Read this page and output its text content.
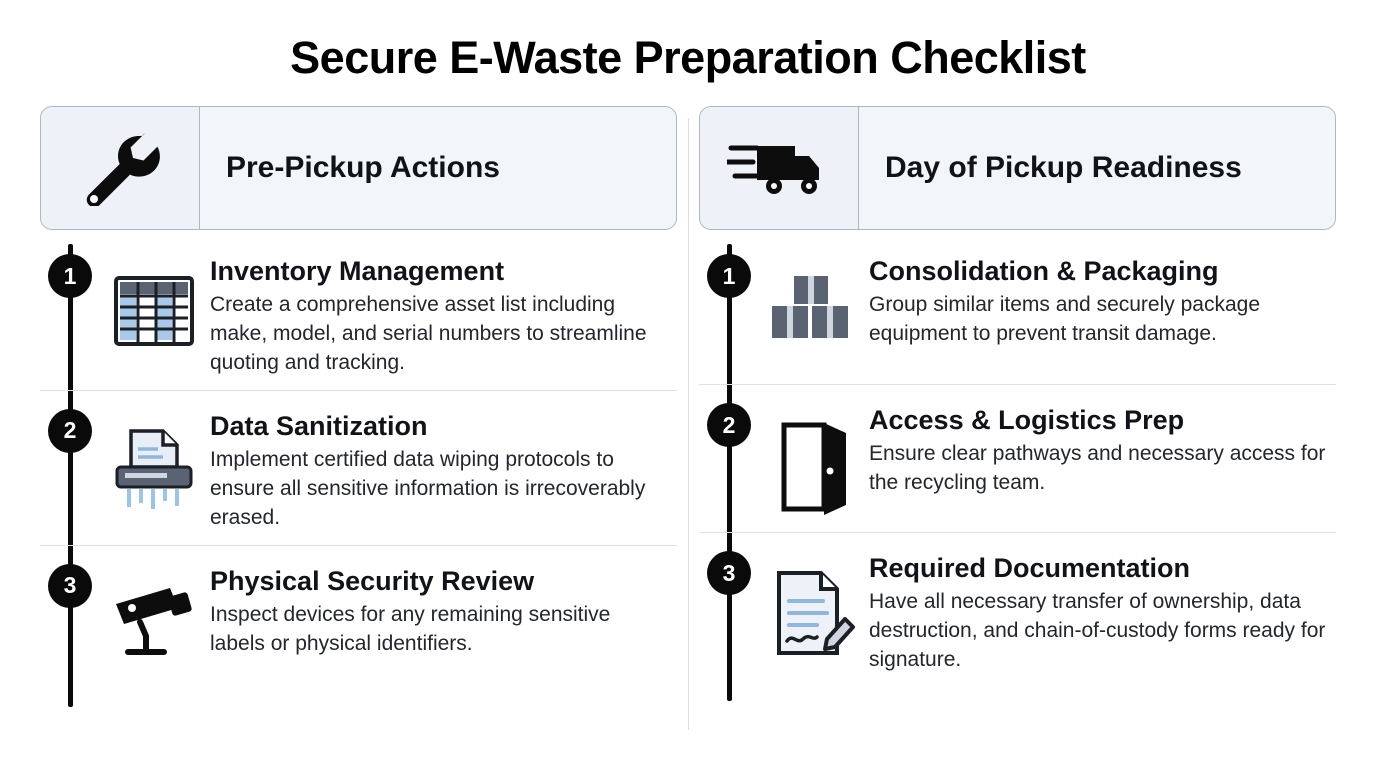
Secure E-Waste Preparation Checklist
Pre-Pickup Actions
1	Inventory Management
Create a comprehensive asset list including make, model, and serial numbers to streamline quoting and tracking.
2	Data Sanitization
Implement certified data wiping protocols to ensure all sensitive information is irrecoverably erased.
3	Physical Security Review
Inspect devices for any remaining sensitive labels or physical identifiers.
Day of Pickup Readiness
1	Consolidation & Packaging
Group similar items and securely package equipment to prevent transit damage.
2	Access & Logistics Prep
Ensure clear pathways and necessary access for the recycling team.
3	Required Documentation
Have all necessary transfer of ownership, data destruction, and chain-of-custody forms ready for signature.
